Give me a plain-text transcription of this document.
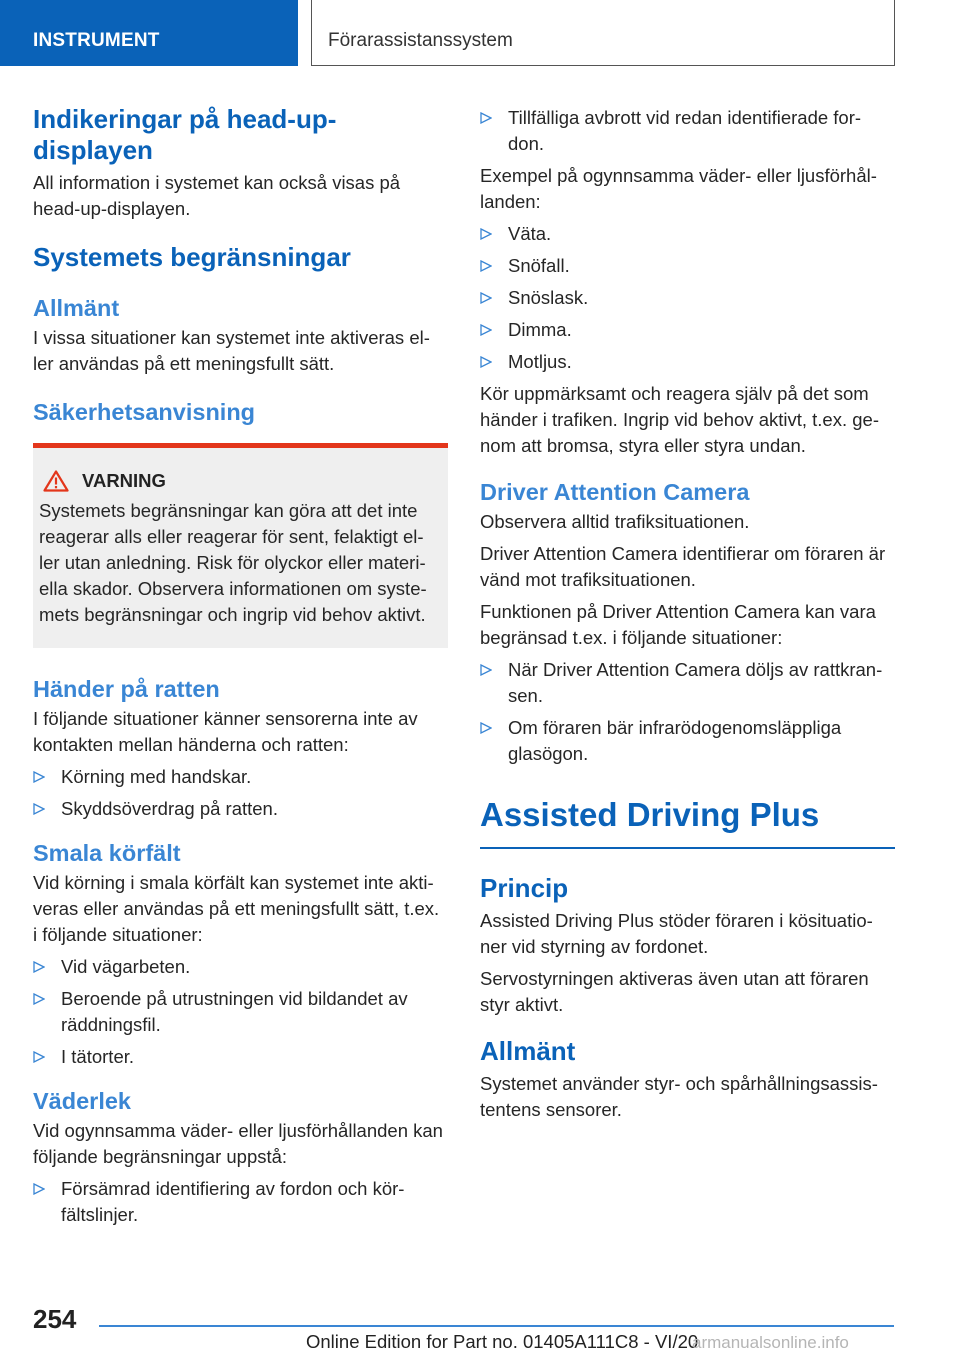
INSTRUMENT	Förarassistanssystem
Indikeringar på head-up-displayen

All information i systemet kan också visas på head-up-displayen.

Systemets begränsningar
Allmänt

I vissa situationer kan systemet inte aktiveras el-ler användas på ett meningsfullt sätt.

Säkerhetsanvisning
VARNING

Systemets begränsningar kan göra att det inte reagerar alls eller reagerar för sent, felaktigt el-ler utan anledning. Risk för olyckor eller materi-ella skador. Observera informationen om syste-mets begränsningar och ingrip vid behov aktivt.

Händer på ratten

I följande situationer känner sensorerna inte av kontakten mellan händerna och ratten:

Körning med handskar.
Skyddsöverdrag på ratten.
Smala körfält

Vid körning i smala körfält kan systemet inte akti-veras eller användas på ett meningsfullt sätt, t.ex. i följande situationer:

Vid vägarbeten.
Beroende på utrustningen vid bildandet av räddningsfil.
I tätorter.
Väderlek

Vid ogynnsamma väder- eller ljusförhållanden kan följande begränsningar uppstå:

Försämrad identifiering av fordon och kör-fältslinjer.
Tillfälliga avbrott vid redan identifierade for-don.

Exempel på ogynnsamma väder- eller ljusförhål-landen:

Väta.
Snöfall.
Snöslask.
Dimma.
Motljus.

Kör uppmärksamt och reagera själv på det som händer i trafiken. Ingrip vid behov aktivt, t.ex. ge-nom att bromsa, styra eller styra undan.

Driver Attention Camera

Observera alltid trafiksituationen.

Driver Attention Camera identifierar om föraren är vänd mot trafiksituationen.

Funktionen på Driver Attention Camera kan vara begränsad t.ex. i följande situationer:

När Driver Attention Camera döljs av rattkran-sen.
Om föraren bär infrarödogenomsläppliga glasögon.
Assisted Driving Plus
Princip

Assisted Driving Plus stöder föraren i kösituatio-ner vid styrning av fordonet.

Servostyrningen aktiveras även utan att föraren styr aktivt.

Allmänt

Systemet använder styr- och spårhållningsassis-tentens sensorer.

254
Online Edition for Part no. 01405A111C8 - VI/20
armanualsonline.info
